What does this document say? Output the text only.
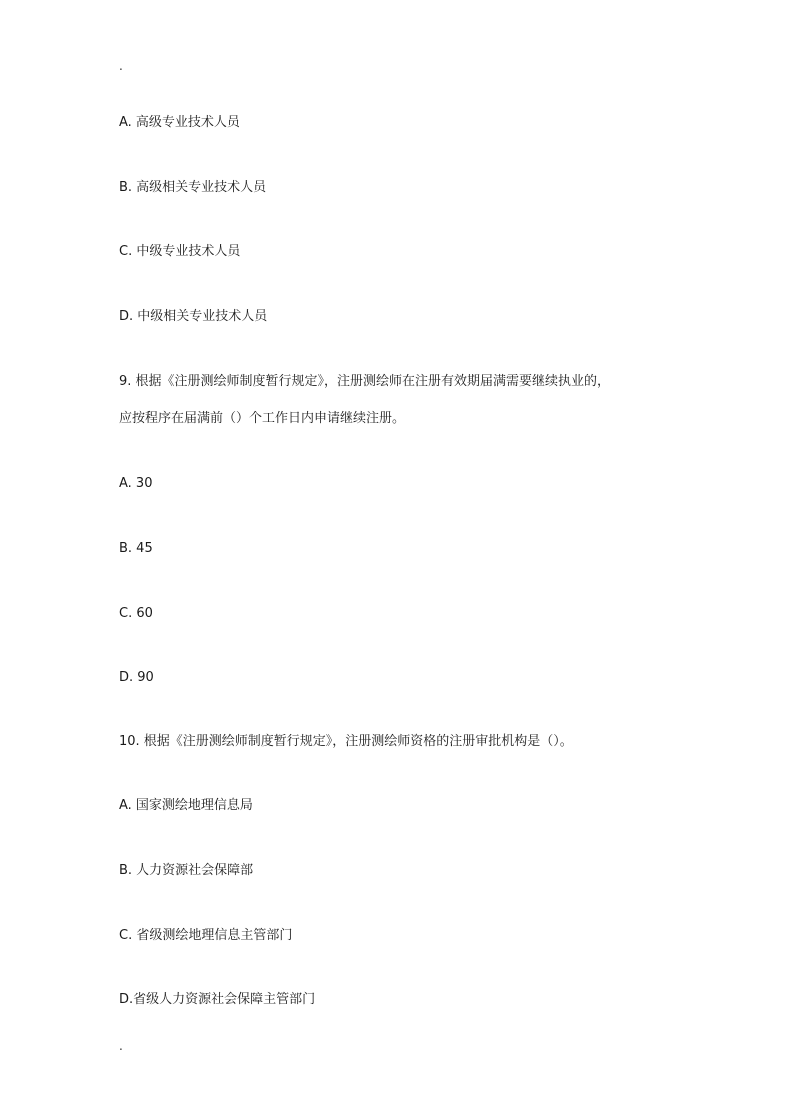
.
A. 高级专业技术人员
B. 高级相关专业技术人员
C. 中级专业技术人员
D. 中级相关专业技术人员
9. 根据《注册测绘师制度暂行规定》，注册测绘师在注册有效期届满需要继续执业的，
应按程序在届满前（）个工作日内申请继续注册。
A. 30
B. 45
C. 60
D. 90
10. 根据《注册测绘师制度暂行规定》，注册测绘师资格的注册审批机构是（）。
A. 国家测绘地理信息局
B. 人力资源社会保障部
C. 省级测绘地理信息主管部门
D.省级人力资源社会保障主管部门
.
